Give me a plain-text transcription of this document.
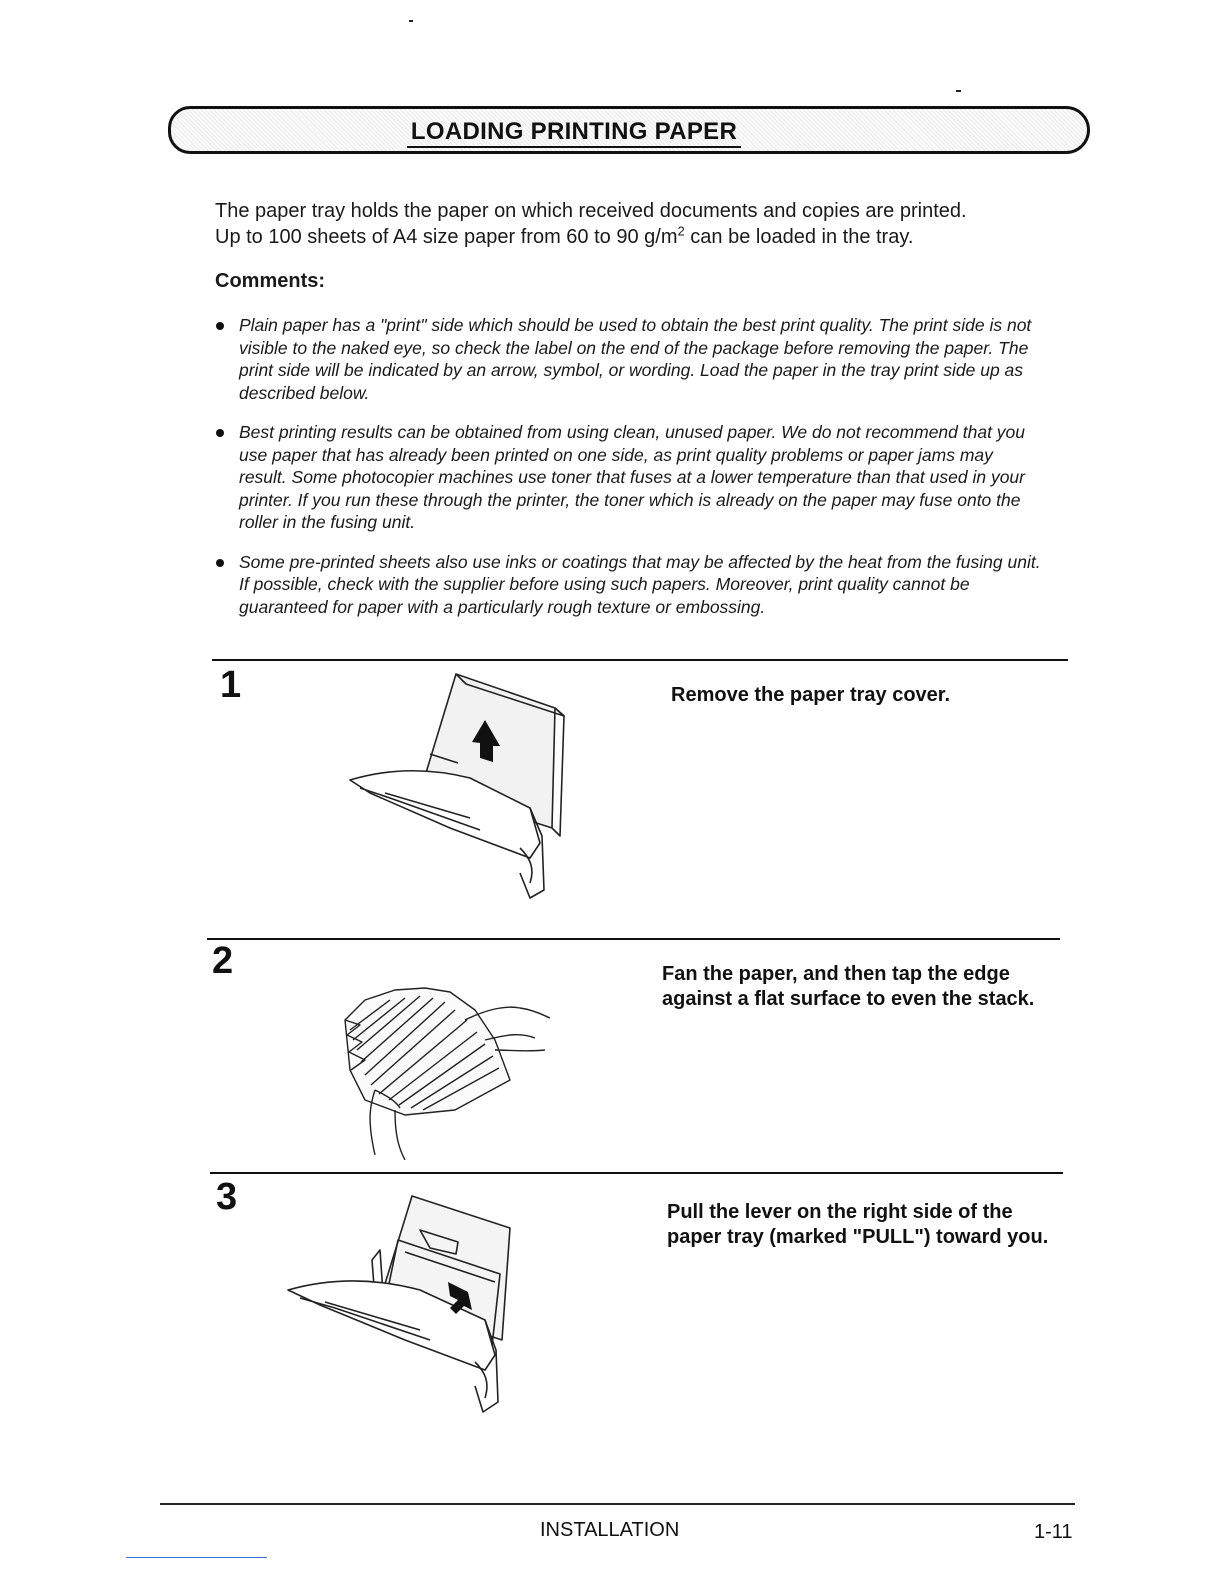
LOADING PRINTING PAPER
The paper tray holds the paper on which received documents and copies are printed.
Up to 100 sheets of A4 size paper from 60 to 90 $g/m^2$ can be loaded in the tray.
Comments:
Plain paper has a "print" side which should be used to obtain the best print quality. The print side is not visible to the naked eye, so check the label on the end of the package before removing the paper. The print side will be indicated by an arrow, symbol, or wording. Load the paper in the tray print side up as described below.
Best printing results can be obtained from using clean, unused paper. We do not recommend that you use paper that has already been printed on one side, as print quality problems or paper jams may result. Some photocopier machines use toner that fuses at a lower temperature than that used in your printer. If you run these through the printer, the toner which is already on the paper may fuse onto the roller in the fusing unit.
Some pre-printed sheets also use inks or coatings that may be affected by the heat from the fusing unit. If possible, check with the supplier before using such papers. Moreover, print quality cannot be guaranteed for paper with a particularly rough texture or embossing.
1	Remove the paper tray cover.
2	Fan the paper, and then tap the edge against a flat surface to even the stack.
3	Pull the lever on the right side of the paper tray (marked "PULL") toward you.
INSTALLATION	1-11
